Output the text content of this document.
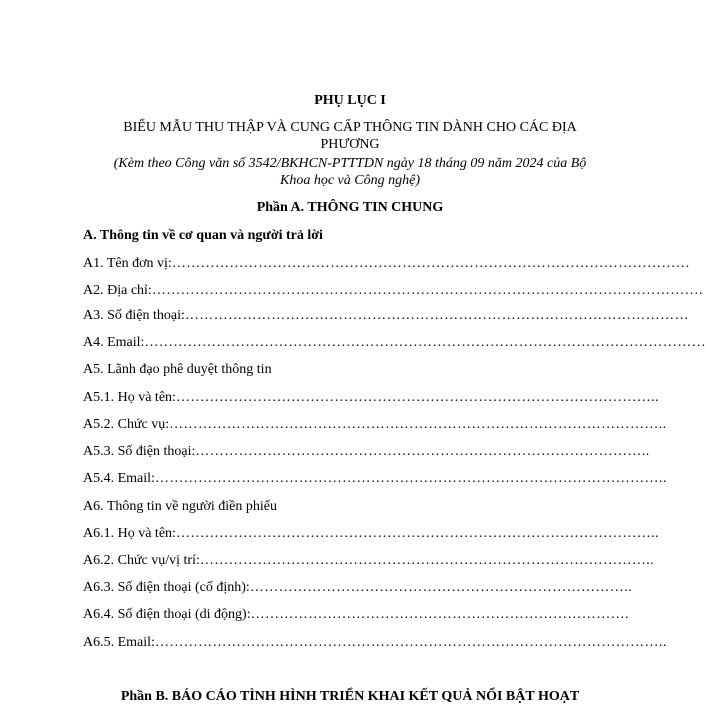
PHỤ LỤC I
BIỂU MẪU THU THẬP VÀ CUNG CẤP THÔNG TIN DÀNH CHO CÁC ĐỊA
PHƯƠNG
(Kèm theo Công văn số 3542/BKHCN-PTTTDN ngày 18 tháng 09 năm 2024 của Bộ
Khoa học và Công nghệ)
Phần A. THÔNG TIN CHUNG
A. Thông tin về cơ quan và người trả lời
A1. Tên đơn vị: ………………………………………………………………………………………………
A2. Địa chỉ: …………………………………………………………………………………………………….
A3. Số điện thoại: ……………………………………………………………………………………………
A4. Email: ………………………………………………………………………………………………………
A5. Lãnh đạo phê duyệt thông tin
A5.1. Họ và tên: ………………………………………………………………………………………..
A5.2. Chức vụ: …………………………………………………………………………………………..
A5.3. Số điện thoại: …………………………………………………………………………………..
A5.4. Email: ……………………………………………………………………………………………..
A6. Thông tin về người điền phiếu
A6.1. Họ và tên: ………………………………………………………………………………………..
A6.2. Chức vụ/vị trí: …………………………………………………………………………………..
A6.3. Số điện thoại (cố định): ……………………………………………………………………..
A6.4. Số điện thoại (di động): …………………………………………………………………….
A6.5. Email: ……………………………………………………………………………………………..
Phần B. BÁO CÁO TÌNH HÌNH TRIỂN KHAI KẾT QUẢ NỔI BẬT HOẠT
